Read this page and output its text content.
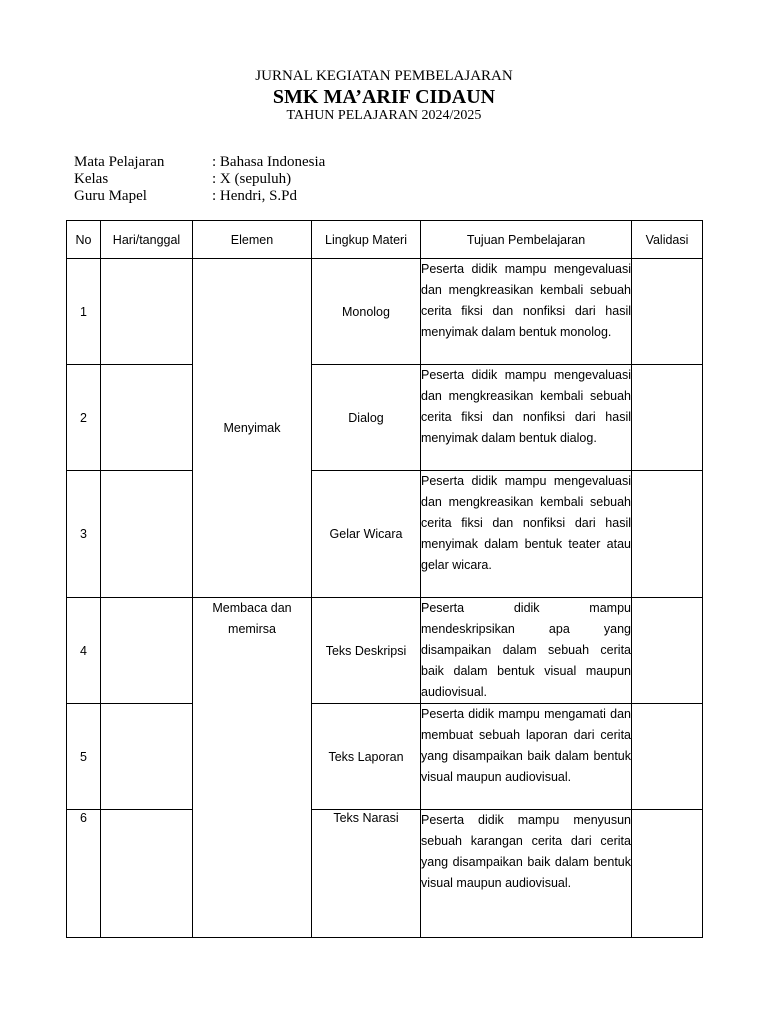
JURNAL KEGIATAN PEMBELAJARAN
SMK MA’ARIF CIDAUN
TAHUN PELAJARAN 2024/2025
Mata Pelajaran	: Bahasa Indonesia
Kelas	: X (sepuluh)
Guru Mapel	: Hendri, S.Pd
No	Hari/tanggal	Elemen	Lingkup Materi	Tujuan Pembelajaran	Validasi
1		Menyimak	Monolog	Peserta didik mampu mengevaluasi dan mengkreasikan kembali sebuah cerita fiksi dan nonfiksi dari hasil menyimak dalam bentuk monolog.	
2			Dialog	Peserta didik mampu mengevaluasi dan mengkreasikan kembali sebuah cerita fiksi dan nonfiksi dari hasil menyimak dalam bentuk dialog.	
3			Gelar Wicara	Peserta didik mampu mengevaluasi dan mengkreasikan kembali sebuah cerita fiksi dan nonfiksi dari hasil menyimak dalam bentuk teater atau gelar wicara.	
4		Membaca dan memirsa	Teks Deskripsi	Peserta didik mampu mendeskripsikan apa yang disampaikan dalam sebuah cerita baik dalam bentuk visual maupun audiovisual.	
5			Teks Laporan	Peserta didik mampu mengamati dan membuat sebuah laporan dari cerita yang disampaikan baik dalam bentuk visual maupun audiovisual.	
6			Teks Narasi	Peserta didik mampu menyusun sebuah karangan cerita dari cerita yang disampaikan baik dalam bentuk visual maupun audiovisual.	
